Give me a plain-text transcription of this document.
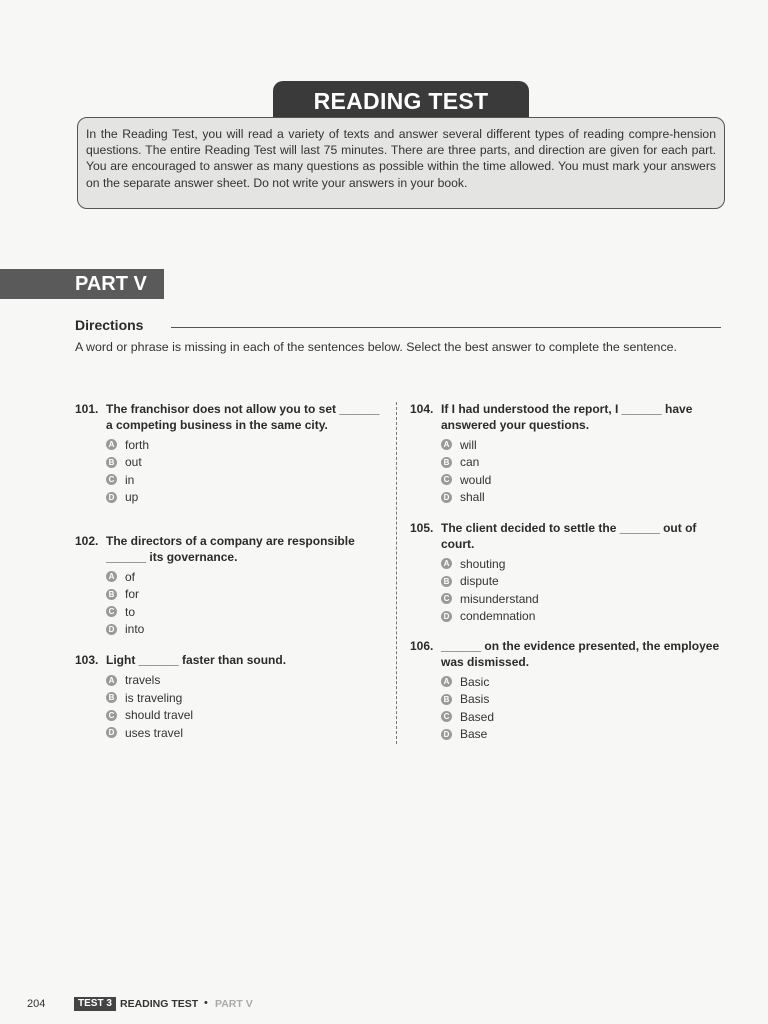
READING TEST
In the Reading Test, you will read a variety of texts and answer several different types of reading compre-hension questions. The entire Reading Test will last 75 minutes. There are three parts, and direction are given for each part. You are encouraged to answer as many questions as possible within the time allowed. You must mark your answers on the separate answer sheet. Do not write your answers in your book.
PART V
Directions
A word or phrase is missing in each of the sentences below. Select the best answer to complete the sentence.
101. The franchisor does not allow you to set ______ a competing business in the same city.
A forth
B out
C in
D up
102. The directors of a company are responsible ______ its governance.
A of
B for
C to
D into
103. Light ______ faster than sound.
A travels
B is traveling
C should travel
D uses travel
104. If I had understood the report, I ______ have answered your questions.
A will
B can
C would
D shall
105. The client decided to settle the ______ out of court.
A shouting
B dispute
C misunderstand
D condemnation
106. ______ on the evidence presented, the employee was dismissed.
A Basic
B Basis
C Based
D Base
204	TEST 3 READING TEST • PART V
